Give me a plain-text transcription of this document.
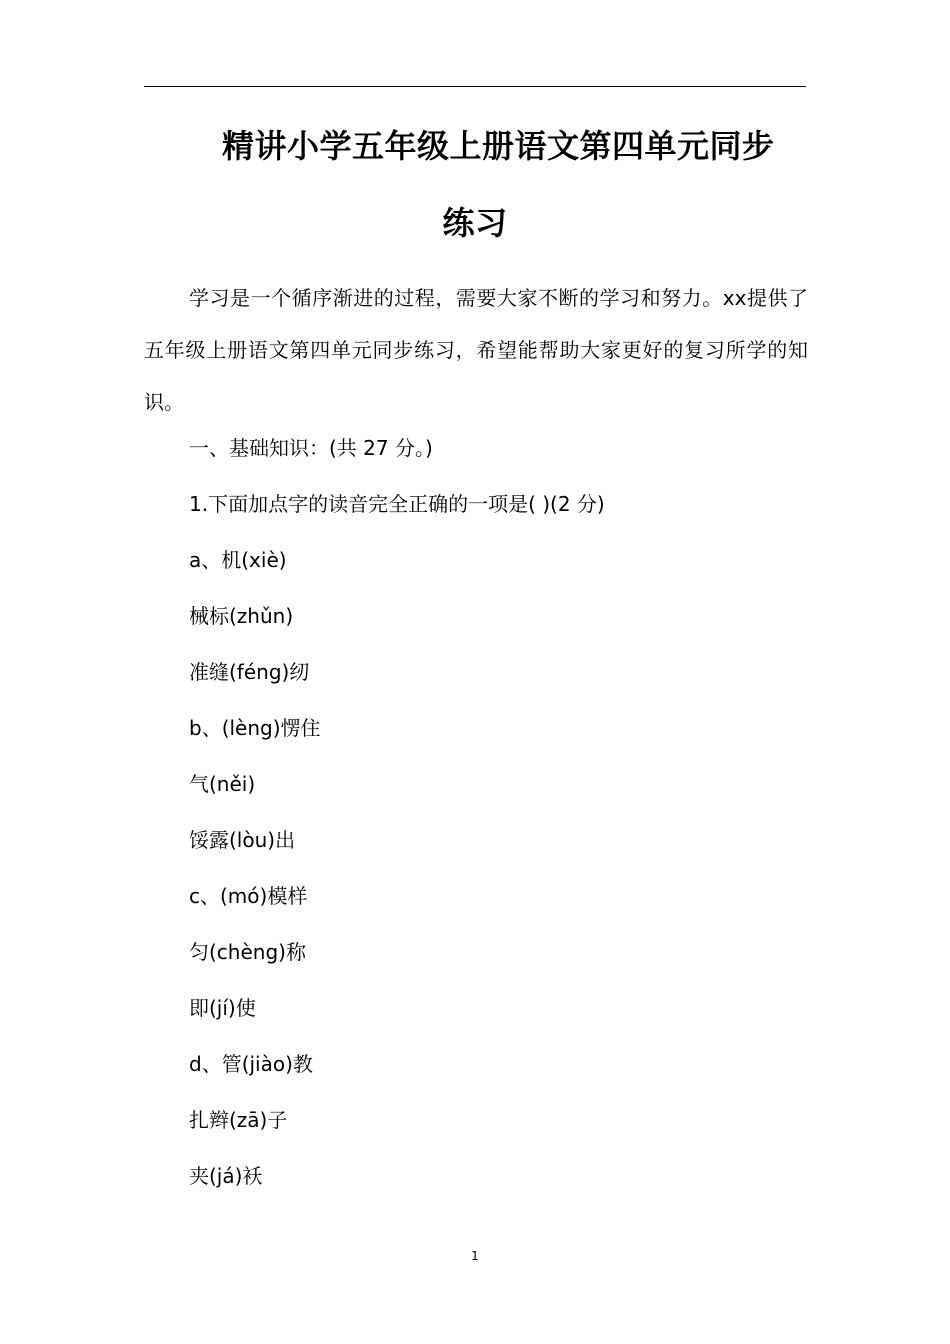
精讲小学五年级上册语文第四单元同步
练习

学习是一个循序渐进的过程，需要大家不断的学习和努力。xx提供了五年级上册语文第四单元同步练习，希望能帮助大家更好的复习所学的知识。

一、基础知识：(共 27 分。)

1.下面加点字的读音完全正确的一项是( )(2 分)

a、机(xiè)

械标(zhǔn)

准缝(féng)纫

b、(lèng)愣住

气(něi)

馁露(lòu)出

c、(mó)模样

匀(chèng)称

即(jí)使

d、管(jiào)教

扎辫(zā)子

夹(já)袄

1
